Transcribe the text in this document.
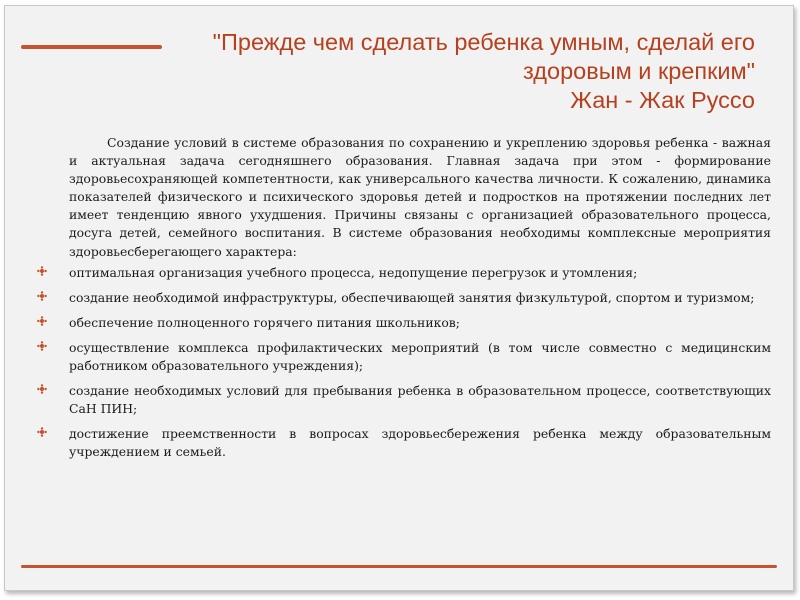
"Прежде чем сделать ребенка умным, сделай его
здоровым и крепким"
Жан - Жак Руссо

Создание условий в системе образования по сохранению и укреплению здоровья ребенка - важная и актуальная задача сегодняшнего образования. Главная задача при этом - формирование здоровьесохраняющей компетентности, как универсального качества личности. К сожалению, динамика показателей физического и психического здоровья детей и подростков на протяжении последних лет имеет тенденцию явного ухудшения. Причины связаны с организацией образовательного процесса, досуга детей, семейного воспитания. В системе образования необходимы комплексные мероприятия здоровьесберегающего характера:

оптимальная организация учебного процесса, недопущение перегрузок и утомления;
создание необходимой инфраструктуры, обеспечивающей занятия физкультурой, спортом и туризмом;
обеспечение полноценного горячего питания школьников;
осуществление комплекса профилактических мероприятий (в том числе совместно с медицинским работником образовательного учреждения);
создание необходимых условий для пребывания ребенка в образовательном процессе, соответствующих СаН ПИН;
достижение преемственности в вопросах здоровьесбережения ребенка между образовательным учреждением и семьей.
